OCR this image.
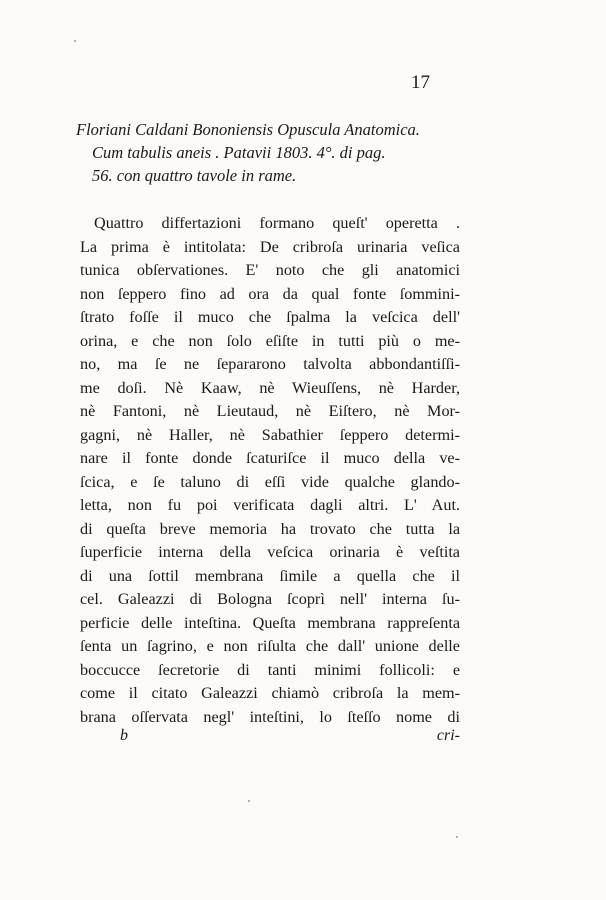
17
Floriani Caldani Bononiensis Opuscula Anatomica.
Cum tabulis aneis . Patavii 1803. 4°. di pag.
56. con quattro tavole in rame.
Quattro differtazioni formano queſt' operetta .
La prima è intitolata: De cribroſa urinaria veſica
tunica obſervationes. E' noto che gli anatomici
non ſeppero fino ad ora da qual fonte ſommini-
ſtrato foſſe il muco che ſpalma la veſcica dell'
orina, e che non ſolo eſiſte in tutti più o me-
no, ma ſe ne ſepararono talvolta abbondantiſſi-
me doſi. Nè Kaaw, nè Wieuſſens, nè Harder,
nè Fantoni, nè Lieutaud, nè Eiſtero, nè Mor-
gagni, nè Haller, nè Sabathier ſeppero determi-
nare il fonte donde ſcaturiſce il muco della ve-
ſcica, e ſe taluno di eſſi vide qualche glando-
letta, non fu poi verificata dagli altri. L' Aut.
di queſta breve memoria ha trovato che tutta la
ſuperficie interna della veſcica orinaria è veſtita
di una ſottil membrana ſimile a quella che il
cel. Galeazzi di Bologna ſcoprì nell' interna ſu-
perficie delle inteſtina. Queſta membrana rappreſenta
ſenta un ſagrino, e non riſulta che dall' unione delle
boccucce ſecretorie di tanti minimi follicoli: e
come il citato Galeazzi chiamò cribroſa la mem-
brana oſſervata negl' inteſtini, lo ſteſſo nome di
b	cri-
